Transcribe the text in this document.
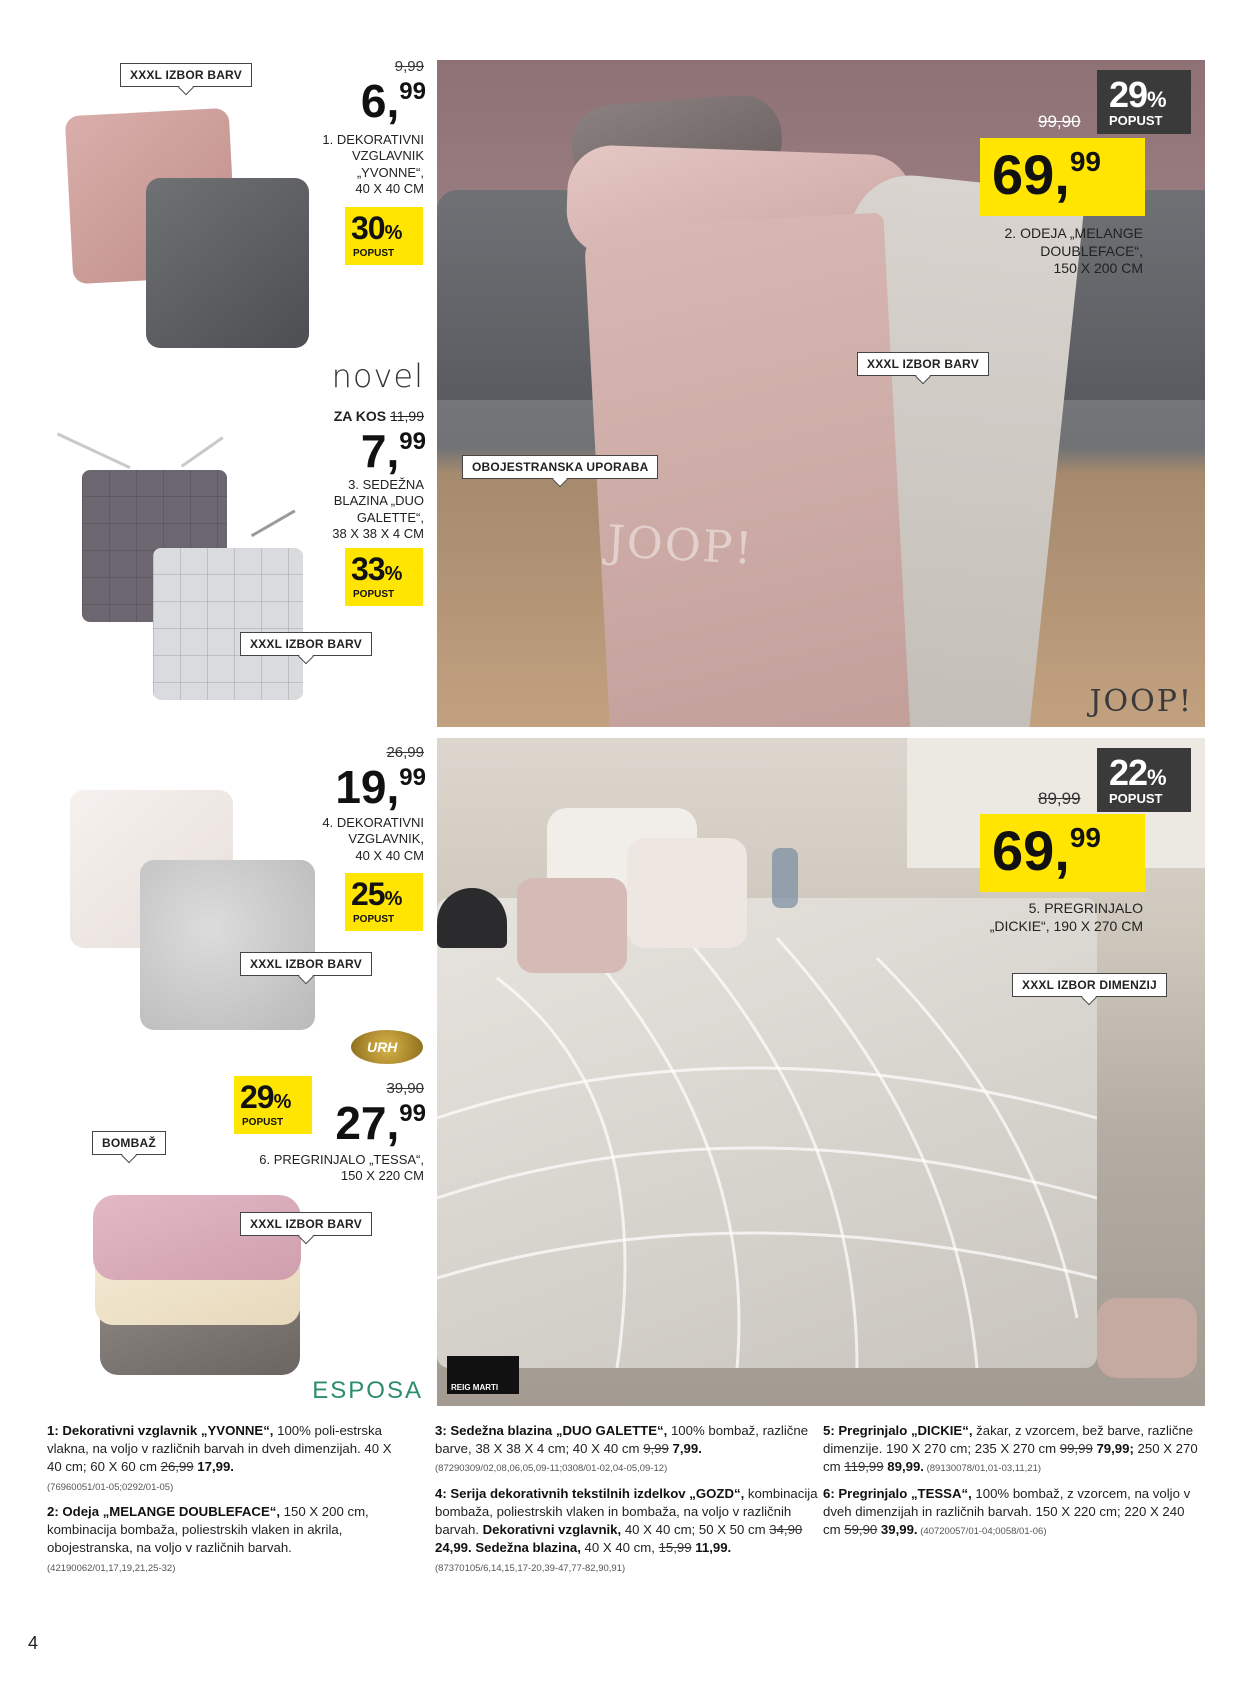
XXXL IZBOR BARV	9,99
6,99
1. DEKORATIVNI
VZGLAVNIK
„YVONNE“,
40 X 40 CM
30%
POPUST
novel
ZA KOS 11,99
7,99
3. SEDEŽNA
BLAZINA „DUO
GALETTE“,
38 X 38 X 4 CM
33%
POPUST
XXXL IZBOR BARV
JOOP!
JOOP!
29%
POPUST
99,90
69,99
2. ODEJA „MELANGE
DOUBLEFACE“,
150 X 200 CM
XXXL IZBOR BARV
OBOJESTRANSKA UPORABA
26,99
19,99
4. DEKORATIVNI
VZGLAVNIK,
40 X 40 CM
25%
POPUST
XXXL IZBOR BARV
URH
29%
POPUST
39,90
27,99
6. PREGRINJALO „TESSA“,
150 X 220 CM
BOMBAŽ
XXXL IZBOR BARV
ESPOSA	REIG MARTI
22%
POPUST
89,99
69,99
5. PREGRINJALO
„DICKIE“, 190 X 270 CM
XXXL IZBOR DIMENZIJ

1: Dekorativni vzglavnik „YVONNE“, 100% poli-estrska vlakna, na voljo v različnih barvah in dveh dimenzijah. 40 X 40 cm; 60 X 60 cm 26,99 17,99.
(76960051/01-05;0292/01-05)

2: Odeja „MELANGE DOUBLEFACE“, 150 X 200 cm, kombinacija bombaža, poliestrskih vlaken in akrila, obojestranska, na voljo v različnih barvah.
(42190062/01,17,19,21,25-32)

3: Sedežna blazina „DUO GALETTE“, 100% bombaž, različne barve, 38 X 38 X 4 cm; 40 X 40 cm 9,99 7,99.
(87290309/02,08,06,05,09-11;0308/01-02,04-05,09-12)

4: Serija dekorativnih tekstilnih izdelkov „GOZD“, kombinacija bombaža, poliestrskih vlaken in bombaža, na voljo v različnih barvah. Dekorativni vzglavnik, 40 X 40 cm; 50 X 50 cm 34,90 24,99. Sedežna blazina, 40 X 40 cm, 15,99 11,99. (87370105/6,14,15,17-20,39-47,77-82,90,91)

5: Pregrinjalo „DICKIE“, žakar, z vzorcem, bež barve, različne dimenzije. 190 X 270 cm; 235 X 270 cm 99,99 79,99; 250 X 270 cm 119,99 89,99. (89130078/01,01-03,11,21)

6: Pregrinjalo „TESSA“, 100% bombaž, z vzorcem, na voljo v dveh dimenzijah in različnih barvah. 150 X 220 cm; 220 X 240 cm 59,90 39,99. (40720057/01-04;0058/01-06)

4
